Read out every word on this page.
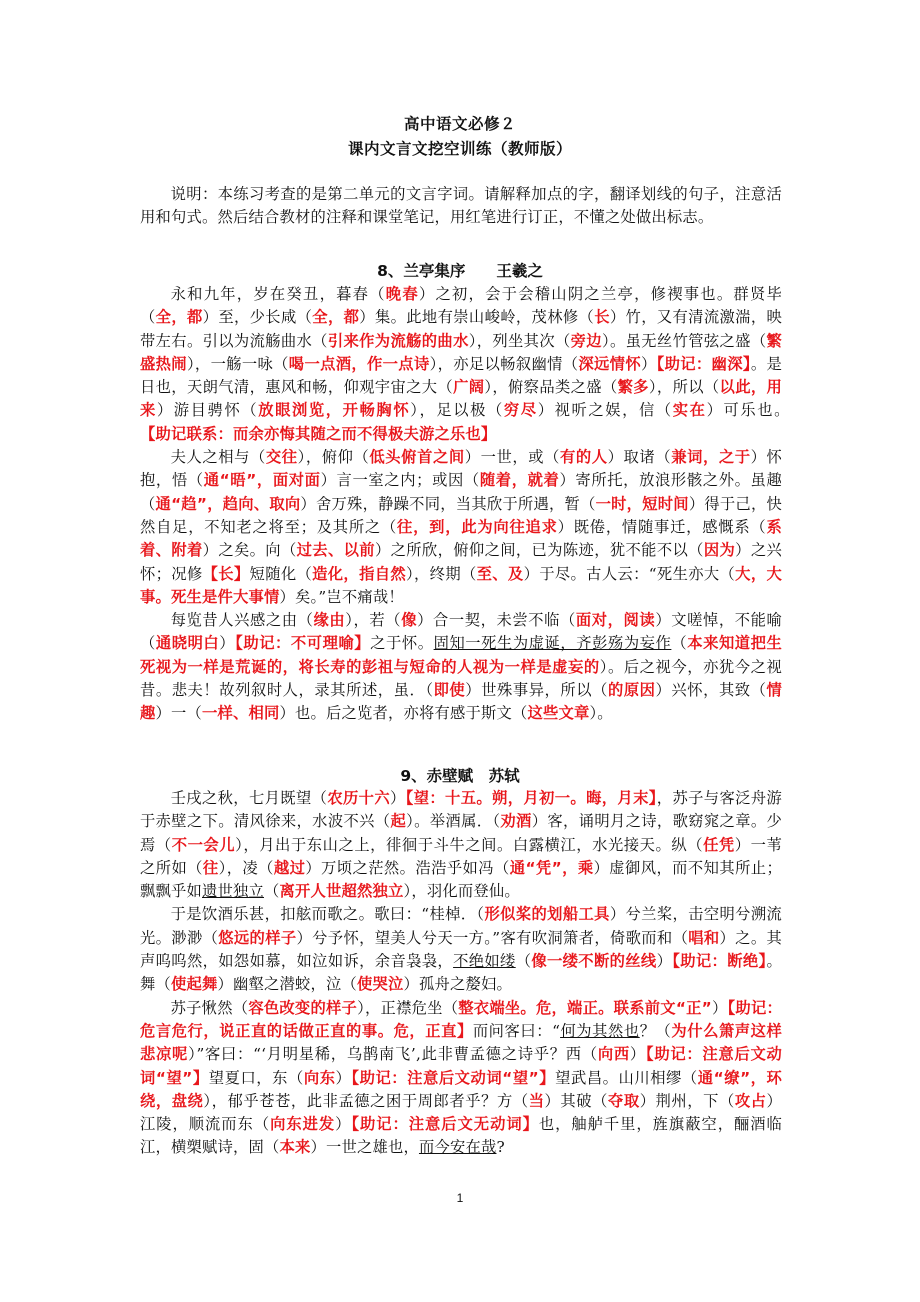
高中语文必修２
课内文言文挖空训练（教师版）

说明：本练习考查的是第二单元的文言字词。请解释加点的字，翻译划线的句子，注意活用和句式。然后结合教材的注释和课堂笔记，用红笔进行订正，不懂之处做出标志。

8、兰亭集序　　王羲之

永和九年，岁在癸丑，暮春（晚春）之初，会于会稽山阴之兰亭，修禊事也。群贤毕（全，都）至，少长咸（全，都）集。此地有崇山峻岭，茂林修（长）竹，又有清流激湍，映带左右。引以为流觞曲水（引来作为流觞的曲水），列坐其次（旁边）。虽无丝竹管弦之盛（繁盛热闹），一觞一咏（喝一点酒，作一点诗），亦足以畅叙幽情（深远情怀）【助记：幽深】。是日也，天朗气清，惠风和畅，仰观宇宙之大（广阔），俯察品类之盛（繁多），所以（以此，用来）游目骋怀（放眼浏览，开畅胸怀），足以极（穷尽）视听之娱，信（实在）可乐也。　　【助记联系：而余亦悔其随之而不得极夫游之乐也】

夫人之相与（交往），俯仰（低头俯首之间）一世，或（有的人）取诸（兼词，之于）怀抱，悟（通“晤”，面对面）言一室之内；或因（随着，就着）寄所托，放浪形骸之外。虽趣（通“趋”，趋向、取向）舍万殊，静躁不同，当其欣于所遇，暂（一时，短时间）得于己，快然自足，不知老之将至；及其所之（往，到，此为向往追求）既倦，情随事迁，感慨系（系着、附着）之矣。向（过去、以前）之所欣，俯仰之间，已为陈迹，犹不能不以（因为）之兴怀；况修【长】短随化（造化，指自然），终期（至、及）于尽。古人云：“死生亦大（大，大事。死生是件大事情）矣。”岂不痛哉！

每览昔人兴感之由（缘由），若（像）合一契，未尝不临（面对，阅读）文嗟悼，不能喻（通晓明白）【助记：不可理喻】之于怀。固知一死生为虚诞，齐彭殇为妄作（本来知道把生死视为一样是荒诞的，将长寿的彭祖与短命的人视为一样是虚妄的）。后之视今，亦犹今之视昔。悲夫！故列叙时人，录其所述，虽．（即使）世殊事异，所以（的原因）兴怀，其致（情趣）一（一样、相同）也。后之览者，亦将有感于斯文（这些文章）。

9、赤壁赋　苏轼

壬戌之秋，七月既望（农历十六）【望：十五。朔，月初一。晦，月末】，苏子与客泛舟游于赤壁之下。清风徐来，水波不兴（起）。举酒属．（劝酒）客，诵明月之诗，歌窈窕之章。少焉（不一会儿），月出于东山之上，徘徊于斗牛之间。白露横江，水光接天。纵（任凭）一苇之所如（往），凌（越过）万顷之茫然。浩浩乎如冯（通“凭”，乘）虚御风，而不知其所止；飘飘乎如遗世独立（离开人世超然独立），羽化而登仙。

于是饮酒乐甚，扣舷而歌之。歌曰：“桂棹．（形似桨的划船工具）兮兰桨，击空明兮溯流光。渺渺（悠远的样子）兮予怀，望美人兮天一方。”客有吹洞箫者，倚歌而和（唱和）之。其声呜呜然，如怨如慕，如泣如诉，余音袅袅，不绝如缕（像一缕不断的丝线）【助记：断绝】。舞（使起舞）幽壑之潜蛟，泣（使哭泣）孤舟之嫠妇。

苏子愀然（容色改变的样子），正襟危坐（整衣端坐。危，端正。联系前文“正”）【助记：危言危行，说正直的话做正直的事。危，正直】而问客曰：“何为其然也？（为什么箫声这样悲凉呢）”客曰：“‘月明星稀，乌鹊南飞’,此非曹孟德之诗乎？西（向西）【助记：注意后文动词“望”】望夏口，东（向东）【助记：注意后文动词“望”】望武昌。山川相缪（通“缭”，环绕，盘绕），郁乎苍苍，此非孟德之困于周郎者乎？方（当）其破（夺取）荆州，下（攻占）江陵，顺流而东（向东进发）【助记：注意后文无动词】也，舳舻千里，旌旗蔽空，酾酒临江，横槊赋诗，固（本来）一世之雄也，而今安在哉?

1
